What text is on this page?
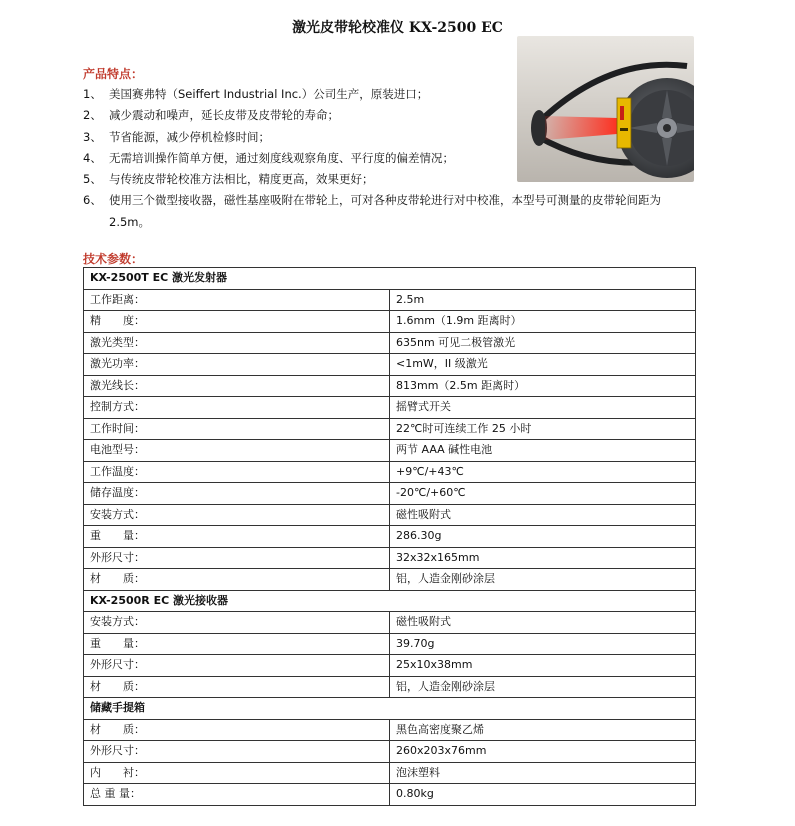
激光皮带轮校准仪 KX-2500 EC
产品特点：
1、 美国赛弗特（Seiffert Industrial Inc.）公司生产，原装进口；
2、 减少震动和噪声，延长皮带及皮带轮的寿命；
3、 节省能源，减少停机检修时间；
4、 无需培训操作简单方便，通过刻度线观察角度、平行度的偏差情况；
5、 与传统皮带轮校准方法相比，精度更高，效果更好；
6、 使用三个微型接收器，磁性基座吸附在带轮上，可对各种皮带轮进行对中校准，本型号可测量的皮带轮间距为
2.5m。
技术参数：
KX-2500T EC 激光发射器	
工作距离：	2.5m
精　　度：	1.6mm（1.9m 距离时）
激光类型：	635nm 可见二极管激光
激光功率：	<1mW，II 级激光
激光线长：	813mm（2.5m 距离时）
控制方式：	摇臂式开关
工作时间：	22℃时可连续工作 25 小时
电池型号：	两节 AAA 碱性电池
工作温度：	+9℃/+43℃
储存温度：	-20℃/+60℃
安装方式：	磁性吸附式
重　　量：	286.30g
外形尺寸：	32x32x165mm
材　　质：	铝，人造金刚砂涂层
KX-2500R EC 激光接收器	
安装方式：	磁性吸附式
重　　量：	39.70g
外形尺寸：	25x10x38mm
材　　质：	铝，人造金刚砂涂层
储藏手提箱	
材　　质：	黑色高密度聚乙烯
外形尺寸：	260x203x76mm
内　　衬：	泡沫塑料
总 重 量：	0.80kg
